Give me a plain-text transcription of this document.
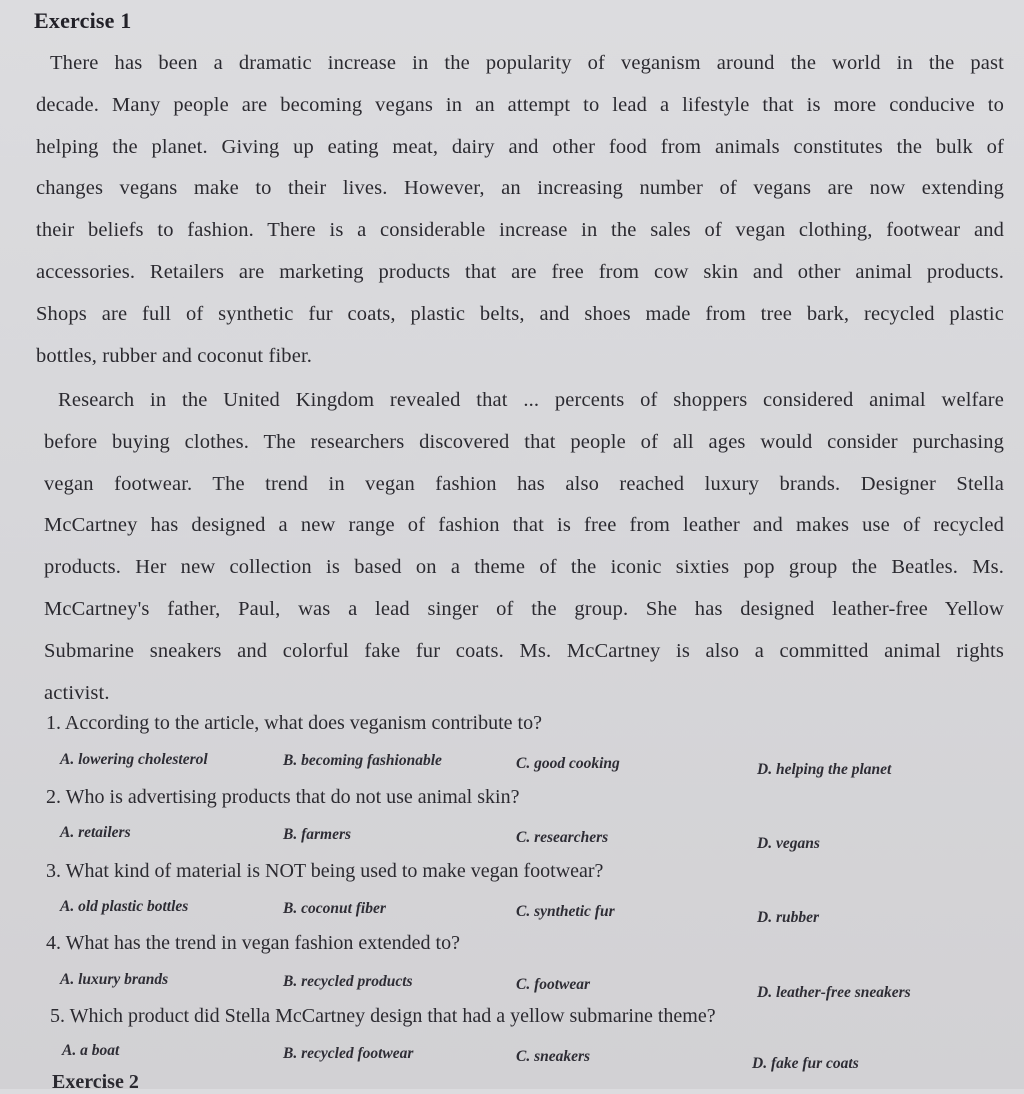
Exercise 1
There has been a dramatic increase in the popularity of veganism around the world in the past
decade. Many people are becoming vegans in an attempt to lead a lifestyle that is more conducive to
helping the planet. Giving up eating meat, dairy and other food from animals constitutes the bulk of
changes vegans make to their lives. However, an increasing number of vegans are now extending
their beliefs to fashion. There is a considerable increase in the sales of vegan clothing, footwear and
accessories. Retailers are marketing products that are free from cow skin and other animal products.
Shops are full of synthetic fur coats, plastic belts, and shoes made from tree bark, recycled plastic
bottles, rubber and coconut fiber.
Research in the United Kingdom revealed that ... percents of shoppers considered animal welfare
before buying clothes. The researchers discovered that people of all ages would consider purchasing
vegan footwear. The trend in vegan fashion has also reached luxury brands. Designer Stella
McCartney has designed a new range of fashion that is free from leather and makes use of recycled
products. Her new collection is based on a theme of the iconic sixties pop group the Beatles. Ms.
McCartney's father, Paul, was a lead singer of the group. She has designed leather-free Yellow
Submarine sneakers and colorful fake fur coats. Ms. McCartney is also a committed animal rights
activist.
1. According to the article, what does veganism contribute to?
A. lowering cholesterol	B. becoming fashionable	C. good cooking	D. helping the planet
2. Who is advertising products that do not use animal skin?
A. retailers	B. farmers	C. researchers	D. vegans
3. What kind of material is NOT being used to make vegan footwear?
A. old plastic bottles	B. coconut fiber	C. synthetic fur	D. rubber
4. What has the trend in vegan fashion extended to?
A. luxury brands	B. recycled products	C. footwear	D. leather-free sneakers
5. Which product did Stella McCartney design that had a yellow submarine theme?
A. a boat	B. recycled footwear	C. sneakers	D. fake fur coats
Exercise 2
